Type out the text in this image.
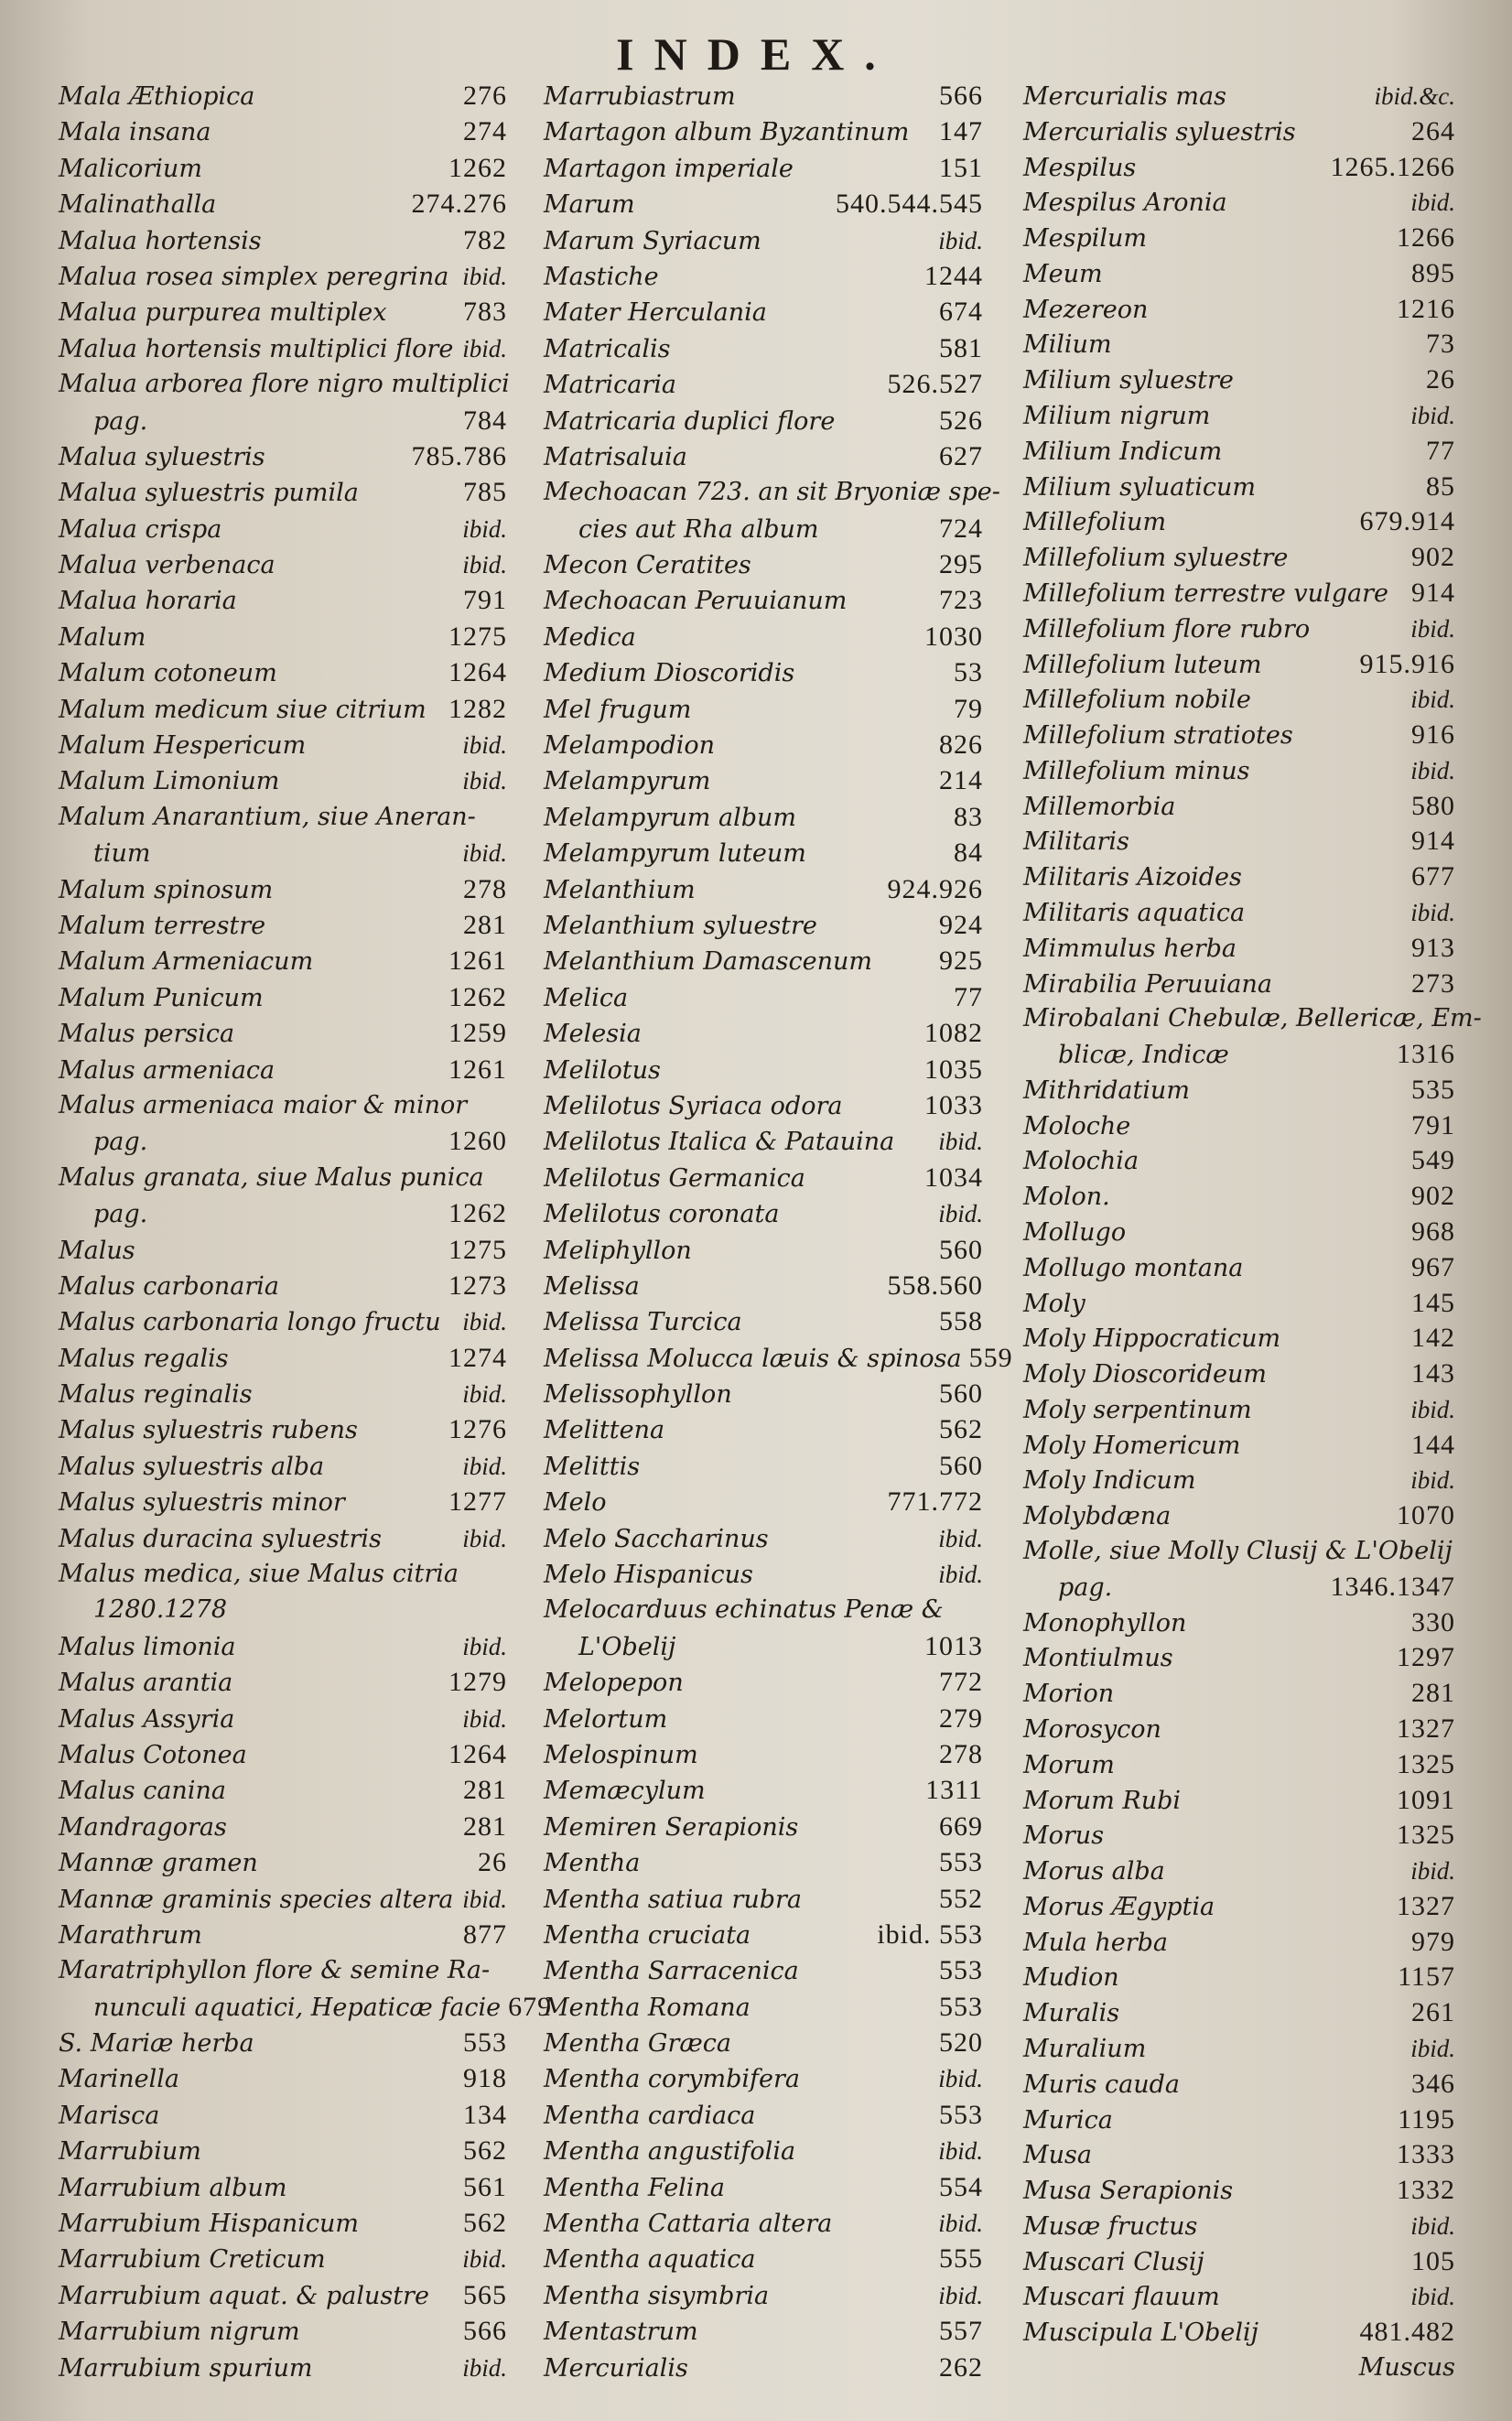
INDEX.
Mala Æthiopica	276
Mala insana	274
Malicorium	1262
Malinathalla	274.276
Malua hortensis	782
Malua rosea simplex peregrina ibid.
Malua purpurea multiplex	783
Malua hortensis multiplici flore ibid.
Malua arborea flore nigro multiplici
pag.	784
Malua syluestris	785.786
Malua syluestris pumila	785
Malua crispa	ibid.
Malua verbenaca	ibid.
Malua horaria	791
Malum	1275
Malum cotoneum	1264
Malum medicum siue citrium 1282
Malum Hespericum	ibid.
Malum Limonium	ibid.
Malum Anarantium, siue Aneran-
tium	ibid.
Malum spinosum	278
Malum terrestre	281
Malum Armeniacum	1261
Malum Punicum	1262
Malus persica	1259
Malus armeniaca	1261
Malus armeniaca maior & minor
pag.	1260
Malus granata, siue Malus punica
pag.	1262
Malus	1275
Malus carbonaria	1273
Malus carbonaria longo fructu ibid.
Malus regalis	1274
Malus reginalis	ibid.
Malus syluestris rubens	1276
Malus syluestris alba	ibid.
Malus syluestris minor	1277
Malus duracina syluestris	ibid.
Malus medica, siue Malus citria
1280.1278
Malus limonia	ibid.
Malus arantia	1279
Malus Assyria	ibid.
Malus Cotonea	1264
Malus canina	281
Mandragoras	281
Mannæ gramen	26
Mannæ graminis species altera ibid.
Marathrum	877
Maratriphyllon flore & semine Ra-
nunculi aquatici, Hepaticæ facie 679
S. Mariæ herba	553
Marinella	918
Marisca	134
Marrubium	562
Marrubium album	561
Marrubium Hispanicum	562
Marrubium Creticum	ibid.
Marrubium aquat. & palustre 565
Marrubium nigrum	566
Marrubium spurium	ibid.
Marrubiastrum	566
Martagon album Byzantinum 147
Martagon imperiale	151
Marum	540.544.545
Marum Syriacum	ibid.
Mastiche	1244
Mater Herculania	674
Matricalis	581
Matricaria	526.527
Matricaria duplici flore	526
Matrisaluia	627
Mechoacan 723. an sit Bryoniæ spe-
cies aut Rha album	724
Mecon Ceratites	295
Mechoacan Peruuianum	723
Medica	1030
Medium Dioscoridis	53
Mel frugum	79
Melampodion	826
Melampyrum	214
Melampyrum album	83
Melampyrum luteum	84
Melanthium	924.926
Melanthium syluestre	924
Melanthium Damascenum 925
Melica	77
Melesia	1082
Melilotus	1035
Melilotus Syriaca odora	1033
Melilotus Italica & Patauina ibid.
Melilotus Germanica	1034
Melilotus coronata	ibid.
Meliphyllon	560
Melissa	558.560
Melissa Turcica	558
Melissa Molucca læuis & spinosa 559
Melissophyllon	560
Melittena	562
Melittis	560
Melo	771.772
Melo Saccharinus	ibid.
Melo Hispanicus	ibid.
Melocarduus echinatus Penæ &
L'Obelij	1013
Melopepon	772
Melortum	279
Melospinum	278
Memæcylum	1311
Memiren Serapionis	669
Mentha	553
Mentha satiua rubra	552
Mentha cruciata	ibid. 553
Mentha Sarracenica	553
Mentha Romana	553
Mentha Græca	520
Mentha corymbifera	ibid.
Mentha cardiaca	553
Mentha angustifolia	ibid.
Mentha Felina	554
Mentha Cattaria altera	ibid.
Mentha aquatica	555
Mentha sisymbria	ibid.
Mentastrum	557
Mercurialis	262
Mercurialis mas	ibid.&c.
Mercurialis syluestris	264
Mespilus	1265.1266
Mespilus Aronia	ibid.
Mespilum	1266
Meum	895
Mezereon	1216
Milium	73
Milium syluestre	26
Milium nigrum	ibid.
Milium Indicum	77
Milium syluaticum	85
Millefolium	679.914
Millefolium syluestre	902
Millefolium terrestre vulgare 914
Millefolium flore rubro	ibid.
Millefolium luteum	915.916
Millefolium nobile	ibid.
Millefolium stratiotes	916
Millefolium minus	ibid.
Millemorbia	580
Militaris	914
Militaris Aizoides	677
Militaris aquatica	ibid.
Mimmulus herba	913
Mirabilia Peruuiana	273
Mirobalani Chebulæ, Bellericæ, Em-
blicæ, Indicæ	1316
Mithridatium	535
Moloche	791
Molochia	549
Molon.	902
Mollugo	968
Mollugo montana	967
Moly	145
Moly Hippocraticum	142
Moly Dioscorideum	143
Moly serpentinum	ibid.
Moly Homericum	144
Moly Indicum	ibid.
Molybdæna	1070
Molle, siue Molly Clusij & L'Obelij
pag.	1346.1347
Monophyllon	330
Montiulmus	1297
Morion	281
Morosycon	1327
Morum	1325
Morum Rubi	1091
Morus	1325
Morus alba	ibid.
Morus Ægyptia	1327
Mula herba	979
Mudion	1157
Muralis	261
Muralium	ibid.
Muris cauda	346
Murica	1195
Musa	1333
Musa Serapionis	1332
Musæ fructus	ibid.
Muscari Clusij	105
Muscari flauum	ibid.
Muscipula L'Obelij	481.482
Muscus
